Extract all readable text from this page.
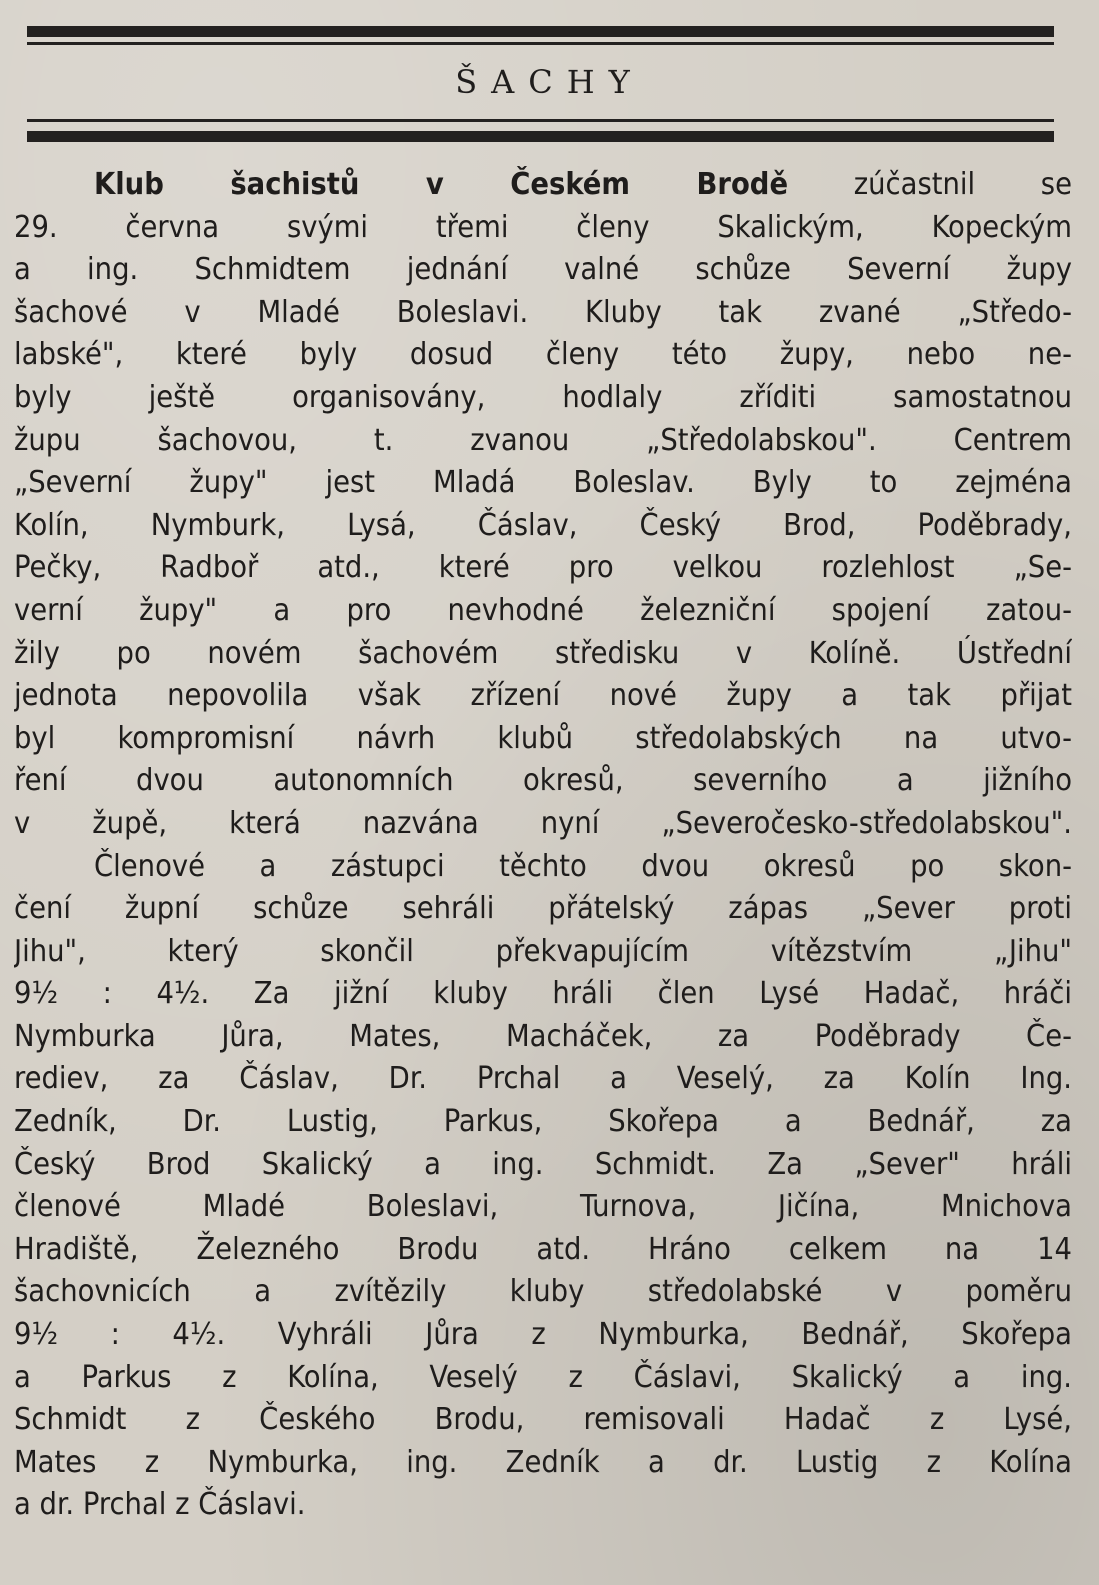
ŠACHY
Klub šachistů v Českém Brodě zúčastnil se
29. června svými třemi členy Skalickým, Kopeckým
a ing. Schmidtem jednání valné schůze Severní župy
šachové v Mladé Boleslavi. Kluby tak zvané „Středo-
labské", které byly dosud členy této župy, nebo ne-
byly ještě organisovány, hodlaly zříditi samostatnou
župu šachovou, t. zvanou „Středolabskou". Centrem
„Severní župy" jest Mladá Boleslav. Byly to zejména
Kolín, Nymburk, Lysá, Čáslav, Český Brod, Poděbrady,
Pečky, Radboř atd., které pro velkou rozlehlost „Se-
verní župy" a pro nevhodné železniční spojení zatou-
žily po novém šachovém středisku v Kolíně. Ústřední
jednota nepovolila však zřízení nové župy a tak přijat
byl kompromisní návrh klubů středolabských na utvo-
ření dvou autonomních okresů, severního a jižního
v župě, která nazvána nyní „Severočesko-středolabskou".
Členové a zástupci těchto dvou okresů po skon-
čení župní schůze sehráli přátelský zápas „Sever proti
Jihu", který skončil překvapujícím vítězstvím „Jihu"
9½ : 4½. Za jižní kluby hráli člen Lysé Hadač, hráči
Nymburka Jůra, Mates, Macháček, za Poděbrady Če-
rediev, za Čáslav, Dr. Prchal a Veselý, za Kolín Ing.
Zedník, Dr. Lustig, Parkus, Skořepa a Bednář, za
Český Brod Skalický a ing. Schmidt. Za „Sever" hráli
členové Mladé Boleslavi, Turnova, Jičína, Mnichova
Hradiště, Železného Brodu atd. Hráno celkem na 14
šachovnicích a zvítězily kluby středolabské v poměru
9½ : 4½. Vyhráli Jůra z Nymburka, Bednář, Skořepa
a Parkus z Kolína, Veselý z Čáslavi, Skalický a ing.
Schmidt z Českého Brodu, remisovali Hadač z Lysé,
Mates z Nymburka, ing. Zedník a dr. Lustig z Kolína
a dr. Prchal z Čáslavi.
